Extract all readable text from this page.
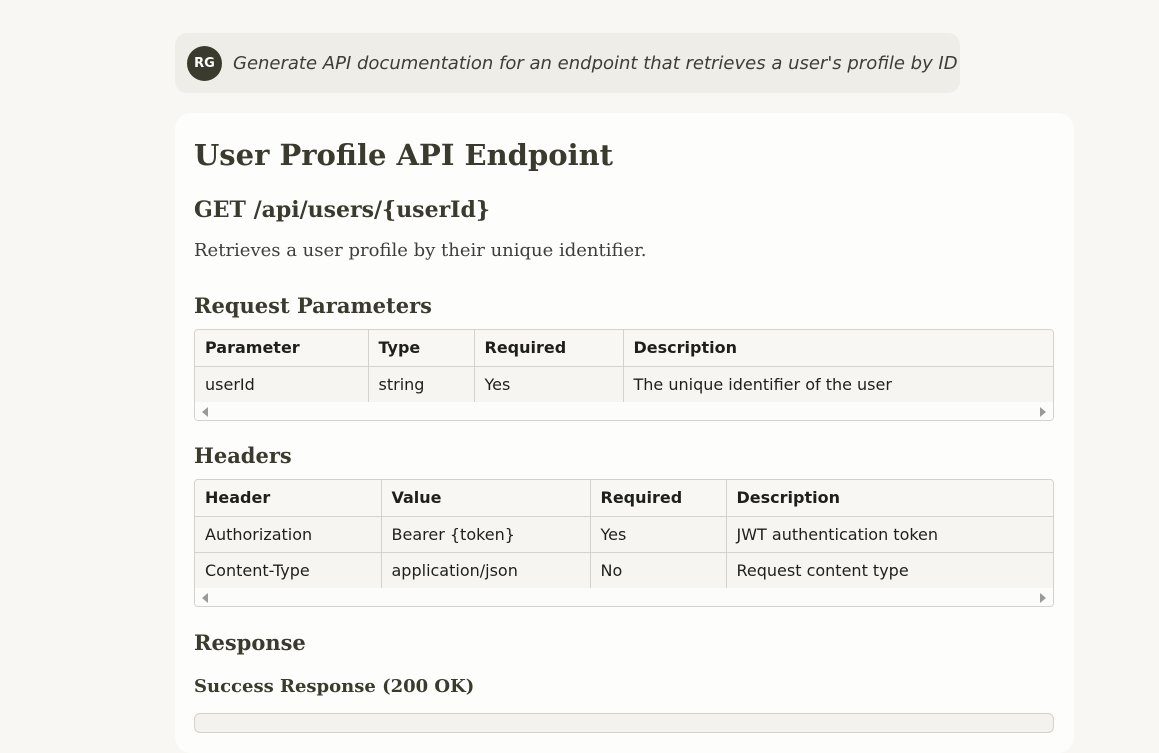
RG	Generate API documentation for an endpoint that retrieves a user's profile by ID
User Profile API Endpoint
GET /api/users/{userId}
Retrieves a user profile by their unique identifier.
Request Parameters
Parameter	Type	Required	Description
userId	string	Yes	The unique identifier of the user
Headers
Header	Value	Required	Description
Authorization	Bearer {token}	Yes	JWT authentication token
Content-Type	application/json	No	Request content type
Response
Success Response (200 OK)
